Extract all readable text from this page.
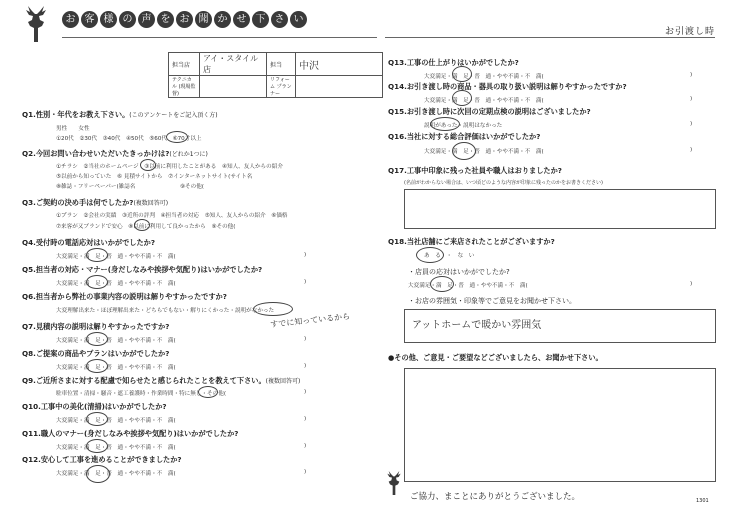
お 客 様 の 声 を お 聞 か せ 下 さ い
お引渡し時
担当店	アイ・スタイル店	担当	中沢
テクニカル (現場監督)		リフォーム プランナー	
Q1.性別・年代をお教え下さい。(このアンケートをご記入頂く方)
男性　　女性
①20代　②30代　③40代　④50代　⑤60代　⑥70才以上
Q2.今回お問い合わせいただいたきっかけは?(どれか1つに)
①チラシ　②当社のホームページ　③以前に利用したことがある　④知人、友人からの紹介
⑤以前から知っていた　⑥ 見積サイトから　⑦インターネットサイト(サイト名
⑧雑誌・フリーペーパー(雑誌名	⑨その他(
Q3.ご契約の決め手は何でしたか?(複数回答可)
①プラン　②会社の実績　③近所の評判　④担当者の対応　⑤知人、友人からの紹介　⑥価格
⑦来客が又ブランドで安心　⑧以前に利用して良かったから　⑨その他(
Q4.受付時の電話応対はいかがでしたか?
大変満足・満　足・普　通・やや不満・不　満(	)
Q5.担当者の対応・マナー(身だしなみや挨拶や気配り)はいかがでしたか?
大変満足・満　足・普　通・やや不満・不　満(	)
Q6.担当者から弊社の事業内容の説明は解りやすかったですか?
大変理解出来た・ほぼ理解出来た・どちらでもない・解りにくかった・説明がなかった
すでに知っているから
Q7.見積内容の説明は解りやすかったですか?
大変満足・満　足・普　通・やや不満・不　満(	)
Q8.ご提案の商品やプランはいかがでしたか?
大変満足・満　足・普　通・やや不満・不　満(	)
Q9.ご近所さまに対する配慮で知らせたと感じられたことを教えて下さい。(複数回答可)
駐車位置・清掃・騒音・遮工養護時・作業時間・特に無し・その他(	)
Q10.工事中の美化(清掃)はいかがでしたか?
大変満足・満　足・普　通・やや不満・不　満(	)
Q11.職人のマナー(身だしなみや挨拶や気配り)はいかがでしたか?
大変満足・満　足・普　通・やや不満・不　満(	)
Q12.安心して工事を進めることができましたか?
大変満足・満　足・普　通・やや不満・不　満(	)
Q13.工事の仕上がりはいかがでしたか?
大変満足・満　足・普　通・やや不満・不　満(	)
Q14.お引き渡し時の商品・器具の取り扱い説明は解りやすかったですか?
大変満足・満　足・普　通・やや不満・不　満(	)
Q15.お引き渡し時に次回の定期点検の説明はございましたか?
説明があった・説明はなかった	)
Q16.当社に対する総合評価はいかがでしたか?
大変満足・満　足・普　通・やや不満・不　満(	)
Q17.工事中印象に残った社員や職人はおりましたか?
(名前がわからない場合は、いつ頃どのような内容が印象に残ったのかをお書きください)
Q18.当社店舗にご来店されたことがございますか?
あ　る　・　な　い
・店員の応対はいかがでしたか?
大変満足・満　足・普　通・やや不満・不　満(	)
・お店の雰囲気・印象等でご意見をお聞かせ下さい。
アットホームで暖かい雰囲気
●その他、ご意見・ご要望などございましたら、お聞かせ下さい。
ご協力、まことにありがとうございました。	1301
